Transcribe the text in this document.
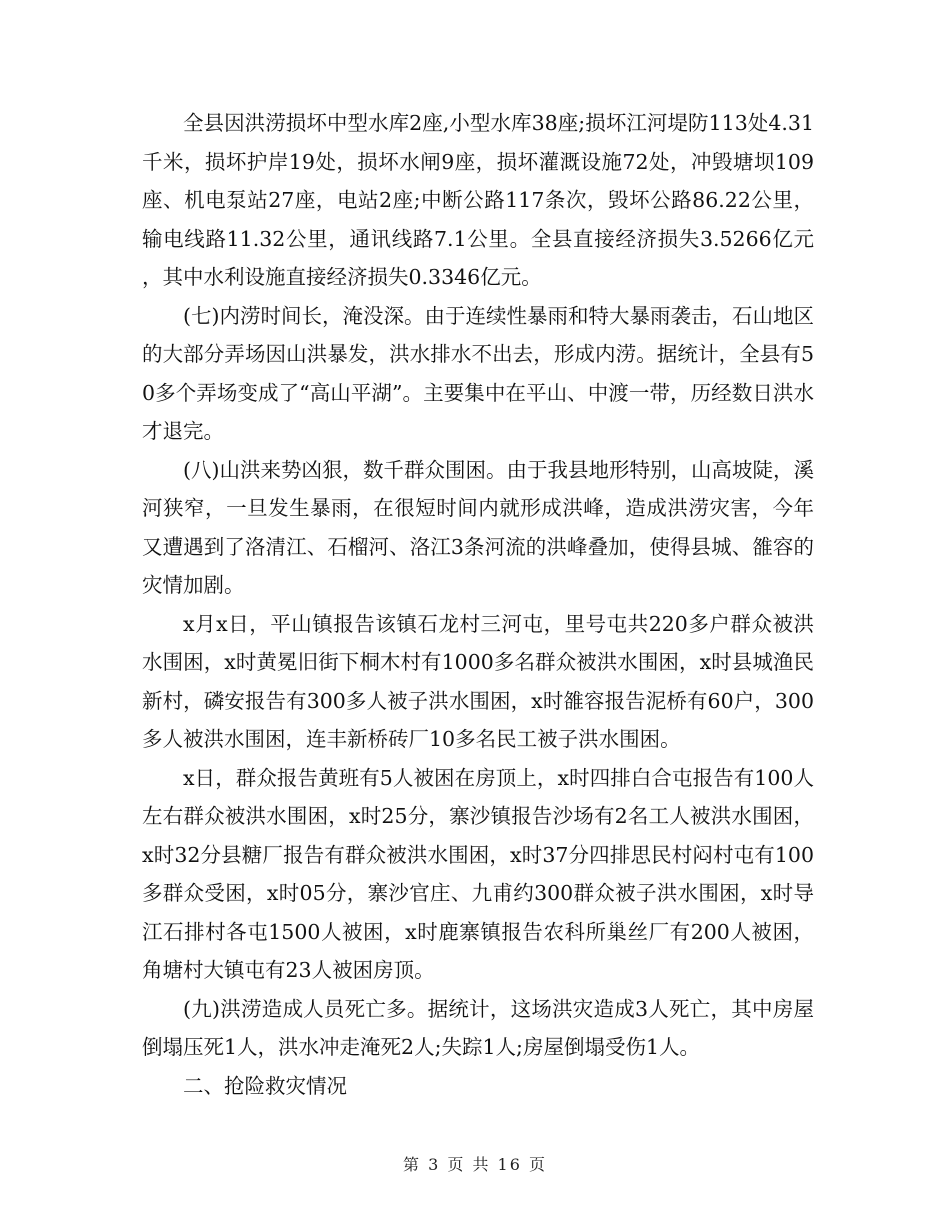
全县因洪涝损坏中型水库2座,小型水库38座;损坏江河堤防113处4.31千米，损坏护岸19处，损坏水闸9座，损坏灌溉设施72处，冲毁塘坝109座、机电泵站27座，电站2座;中断公路117条次，毁坏公路86.22公里，输电线路11.32公里，通讯线路7.1公里。全县直接经济损失3.5266亿元，其中水利设施直接经济损失0.3346亿元。

(七)内涝时间长，淹没深。由于连续性暴雨和特大暴雨袭击，石山地区的大部分弄场因山洪暴发，洪水排水不出去，形成内涝。据统计，全县有50多个弄场变成了“高山平湖”。主要集中在平山、中渡一带，历经数日洪水才退完。

(八)山洪来势凶狠，数千群众围困。由于我县地形特别，山高坡陡，溪河狭窄，一旦发生暴雨，在很短时间内就形成洪峰，造成洪涝灾害，今年又遭遇到了洛清江、石榴河、洛江3条河流的洪峰叠加，使得县城、雒容的灾情加剧。

x月x日，平山镇报告该镇石龙村三河屯，里号屯共220多户群众被洪水围困，x时黄冕旧街下桐木村有1000多名群众被洪水围困，x时县城渔民新村，磷安报告有300多人被子洪水围困，x时雒容报告泥桥有60户，300多人被洪水围困，连丰新桥砖厂10多名民工被子洪水围困。

x日，群众报告黄班有5人被困在房顶上，x时四排白合屯报告有100人左右群众被洪水围困，x时25分，寨沙镇报告沙场有2名工人被洪水围困，x时32分县糖厂报告有群众被洪水围困，x时37分四排思民村闷村屯有100多群众受困，x时05分，寨沙官庄、九甫约300群众被子洪水围困，x时导江石排村各屯1500人被困，x时鹿寨镇报告农科所巢丝厂有200人被困，角塘村大镇屯有23人被困房顶。

(九)洪涝造成人员死亡多。据统计，这场洪灾造成3人死亡，其中房屋倒塌压死1人，洪水冲走淹死2人;失踪1人;房屋倒塌受伤1人。

二、抢险救灾情况

第 3 页 共 16 页
